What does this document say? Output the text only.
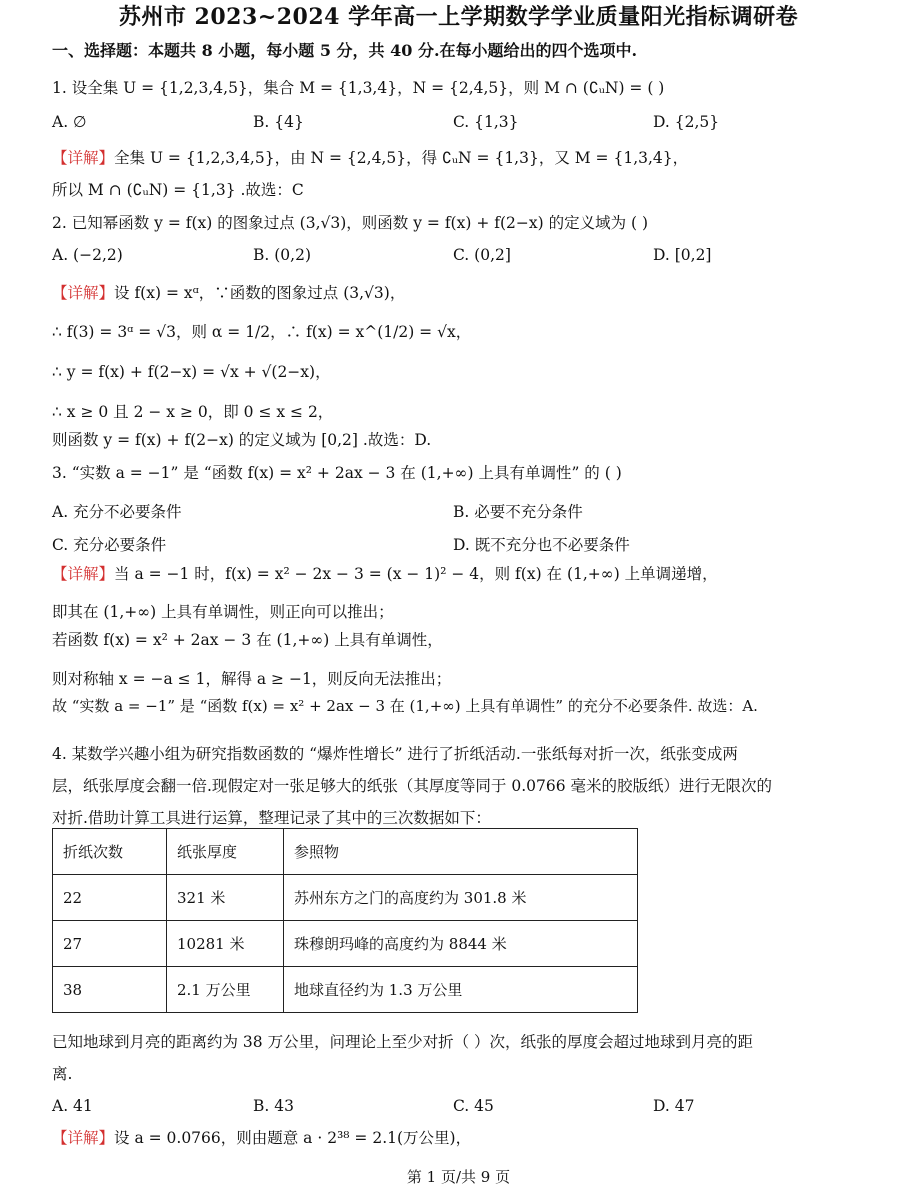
苏州市 2023~2024 学年高一上学期数学学业质量阳光指标调研卷
一、选择题：本题共 8 小题，每小题 5 分，共 40 分.在每小题给出的四个选项中.
1. 设全集 U = {1,2,3,4,5}，集合 M = {1,3,4}，N = {2,4,5}，则 M ∩ (∁ᵤN) = ( )
A. ∅	B. {4}	C. {1,3}	D. {2,5}
【详解】全集 U = {1,2,3,4,5}，由 N = {2,4,5}，得 ∁ᵤN = {1,3}，又 M = {1,3,4}，
所以 M ∩ (∁ᵤN) = {1,3} .故选：C
2. 已知幂函数 y = f(x) 的图象过点 (3,√3)，则函数 y = f(x) + f(2−x) 的定义域为 ( )
A. (−2,2)	B. (0,2)	C. (0,2]	D. [0,2]
【详解】设 f(x) = xᵅ，∵函数的图象过点 (3,√3)，
∴ f(3) = 3ᵅ = √3，则 α = 1/2，∴ f(x) = x^(1/2) = √x，
∴ y = f(x) + f(2−x) = √x + √(2−x)，
∴ x ≥ 0 且 2 − x ≥ 0，即 0 ≤ x ≤ 2，
则函数 y = f(x) + f(2−x) 的定义域为 [0,2] .故选：D.
3. “实数 a = −1” 是 “函数 f(x) = x² + 2ax − 3 在 (1,+∞) 上具有单调性” 的 ( )
A. 充分不必要条件	B. 必要不充分条件
C. 充分必要条件	D. 既不充分也不必要条件
【详解】当 a = −1 时，f(x) = x² − 2x − 3 = (x − 1)² − 4，则 f(x) 在 (1,+∞) 上单调递增，
即其在 (1,+∞) 上具有单调性，则正向可以推出；
若函数 f(x) = x² + 2ax − 3 在 (1,+∞) 上具有单调性，
则对称轴 x = −a ≤ 1，解得 a ≥ −1，则反向无法推出；
故 “实数 a = −1” 是 “函数 f(x) = x² + 2ax − 3 在 (1,+∞) 上具有单调性” 的充分不必要条件. 故选：A.
4. 某数学兴趣小组为研究指数函数的 “爆炸性增长” 进行了折纸活动.一张纸每对折一次，纸张变成两
层，纸张厚度会翻一倍.现假定对一张足够大的纸张（其厚度等同于 0.0766 毫米的胶版纸）进行无限次的
对折.借助计算工具进行运算，整理记录了其中的三次数据如下：
折纸次数	纸张厚度	参照物
22	321 米	苏州东方之门的高度约为 301.8 米
27	10281 米	珠穆朗玛峰的高度约为 8844 米
38	2.1 万公里	地球直径约为 1.3 万公里
已知地球到月亮的距离约为 38 万公里，问理论上至少对折（ ）次，纸张的厚度会超过地球到月亮的距
离.
A. 41	B. 43	C. 45	D. 47
【详解】设 a = 0.0766，则由题意 a · 2³⁸ = 2.1(万公里)，
第 1 页/共 9 页
